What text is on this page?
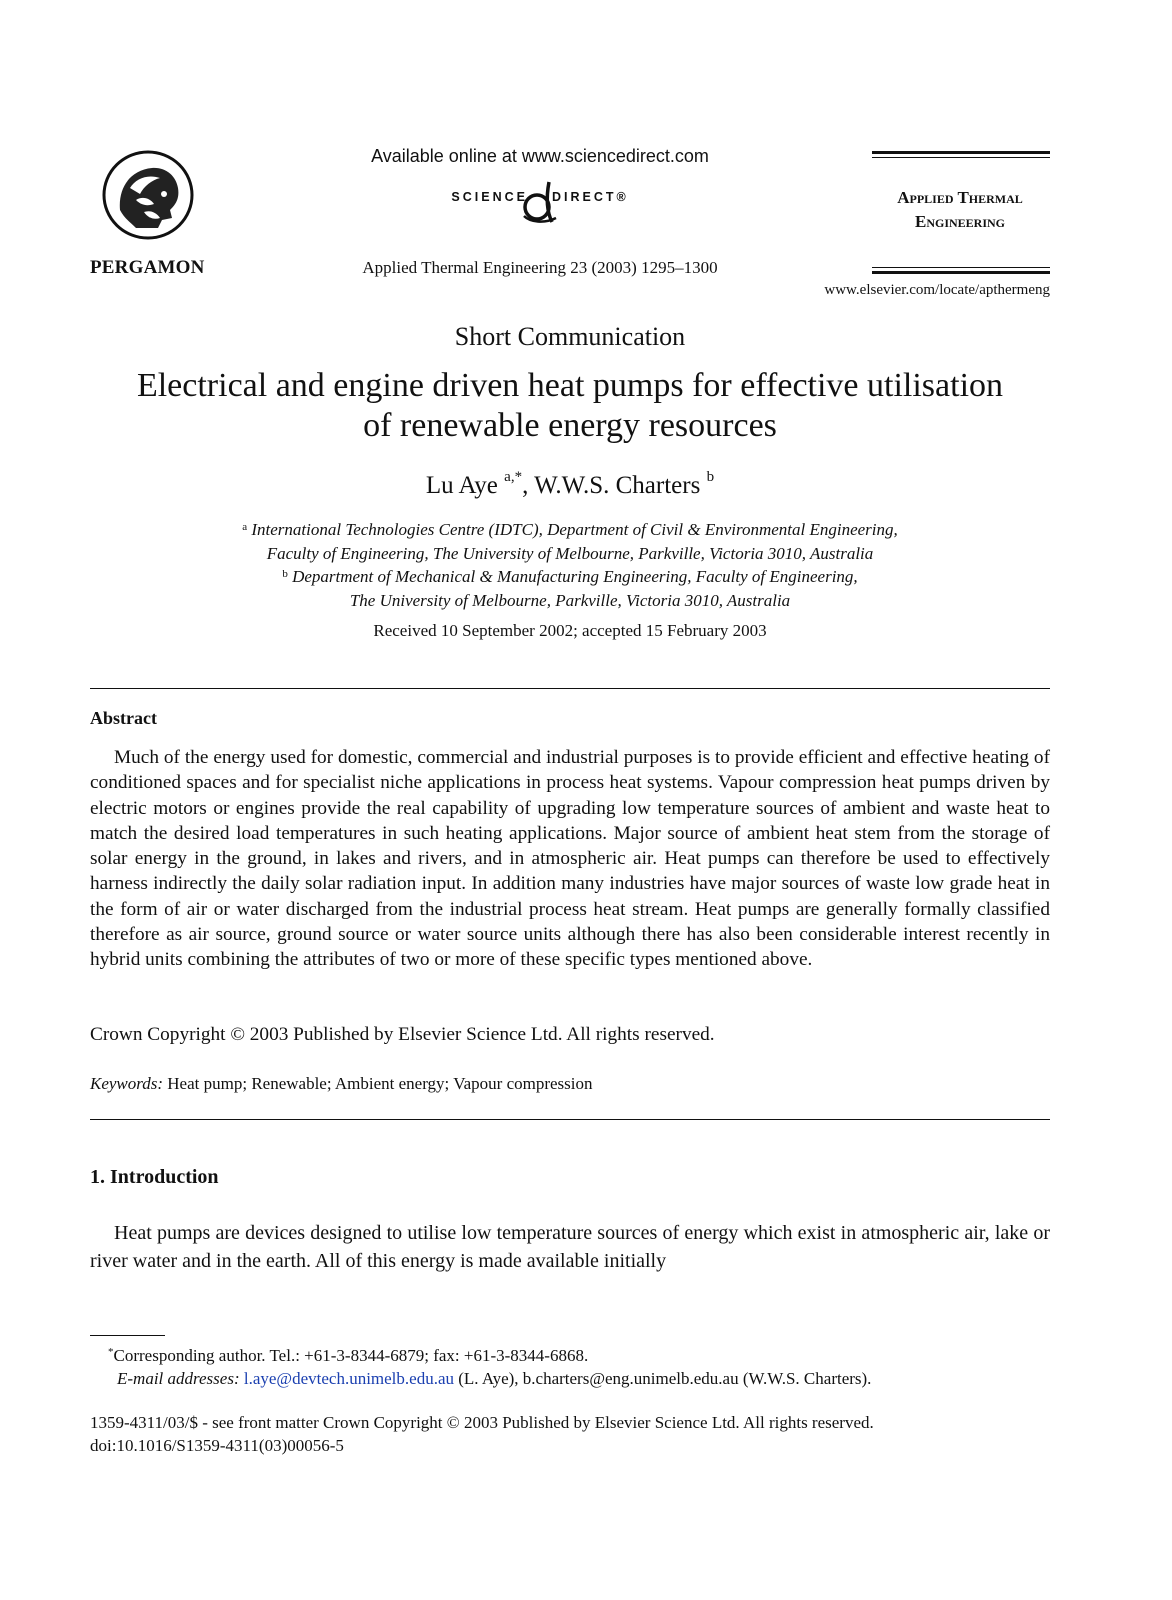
PERGAMON
Available online at www.sciencedirect.com
SCIENCE DIRECT®
Applied Thermal Engineering 23 (2003) 1295–1300
Applied Thermal
Engineering
www.elsevier.com/locate/apthermeng
Short Communication
Electrical and engine driven heat pumps for effective utilisation of renewable energy resources
Lu Aye $^{a,*}$, W.W.S. Charters $^b$
$^a$ International Technologies Centre (IDTC), Department of Civil & Environmental Engineering,
Faculty of Engineering, The University of Melbourne, Parkville, Victoria 3010, Australia
$^b$ Department of Mechanical & Manufacturing Engineering, Faculty of Engineering,
The University of Melbourne, Parkville, Victoria 3010, Australia
Received 10 September 2002; accepted 15 February 2003
Abstract
Much of the energy used for domestic, commercial and industrial purposes is to provide efficient and effective heating of conditioned spaces and for specialist niche applications in process heat systems. Vapour compression heat pumps driven by electric motors or engines provide the real capability of upgrading low temperature sources of ambient and waste heat to match the desired load temperatures in such heating applications. Major source of ambient heat stem from the storage of solar energy in the ground, in lakes and rivers, and in atmospheric air. Heat pumps can therefore be used to effectively harness indirectly the daily solar radiation input. In addition many industries have major sources of waste low grade heat in the form of air or water discharged from the industrial process heat stream. Heat pumps are generally formally classified therefore as air source, ground source or water source units although there has also been considerable interest recently in hybrid units combining the attributes of two or more of these specific types mentioned above.
Crown Copyright © 2003 Published by Elsevier Science Ltd. All rights reserved.
Keywords: Heat pump; Renewable; Ambient energy; Vapour compression
1. Introduction
Heat pumps are devices designed to utilise low temperature sources of energy which exist in atmospheric air, lake or river water and in the earth. All of this energy is made available initially
*Corresponding author. Tel.: +61-3-8344-6879; fax: +61-3-8344-6868.
E-mail addresses: l.aye@devtech.unimelb.edu.au (L. Aye), b.charters@eng.unimelb.edu.au (W.W.S. Charters).
1359-4311/03/$ - see front matter Crown Copyright © 2003 Published by Elsevier Science Ltd. All rights reserved.
doi:10.1016/S1359-4311(03)00056-5
